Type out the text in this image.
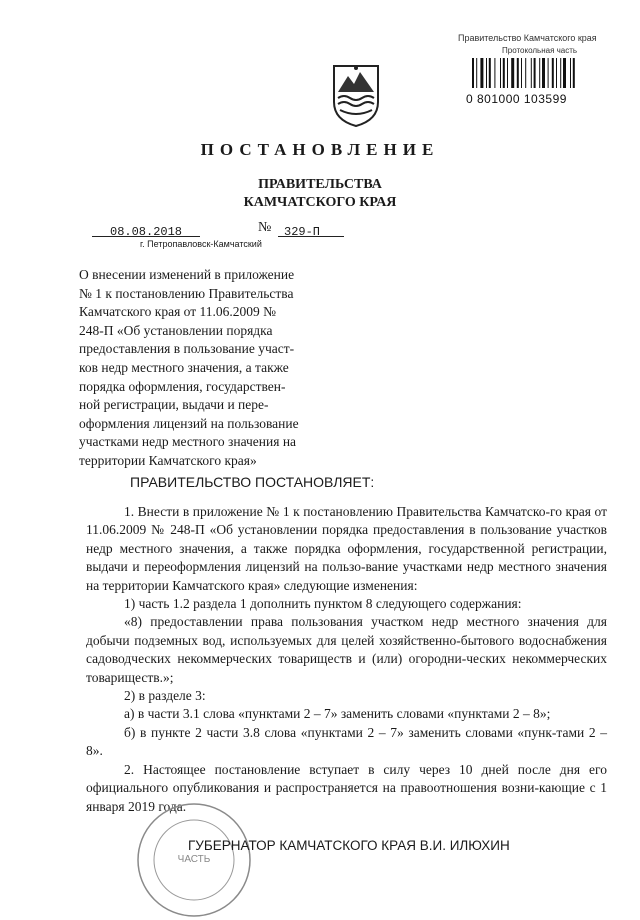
Правительство Камчатского края
Протокольная часть
0 801000 103599
ПОСТАНОВЛЕНИЕ
ПРАВИТЕЛЬСТВА
КАМЧАТСКОГО КРАЯ
08.08.2018	№	329-П
г. Петропавловск-Камчатский

О внесении изменений в приложение

№ 1 к постановлению Правительства

Камчатского края от 11.06.2009 №

248-П «Об установлении порядка

предоставления в пользование участ-

ков недр местного значения, а также

порядка оформления, государствен-

ной регистрации, выдачи и пере-

оформления лицензий на пользование

участками недр местного значения на

территории Камчатского края»

ПРАВИТЕЛЬСТВО ПОСТАНОВЛЯЕТ:

1. Внести в приложение № 1 к постановлению Правительства Камчатско-го края от 11.06.2009 № 248-П «Об установлении порядка предоставления в пользование участков недр местного значения, а также порядка оформления, государственной регистрации, выдачи и переоформления лицензий на пользо-вание участками недр местного значения на территории Камчатского края» следующие изменения:

1) часть 1.2 раздела 1 дополнить пунктом 8 следующего содержания:

«8) предоставлении права пользования участком недр местного значения для добычи подземных вод, используемых для целей хозяйственно-бытового водоснабжения садоводческих некоммерческих товариществ и (или) огородни-ческих некоммерческих товариществ.»;

2) в разделе 3:

а) в части 3.1 слова «пунктами 2 – 7» заменить словами «пунктами 2 – 8»;

б) в пункте 2 части 3.8 слова «пунктами 2 – 7» заменить словами «пунк-тами 2 – 8».

2. Настоящее постановление вступает в силу через 10 дней после дня его официального опубликования и распространяется на правоотношения возни-кающие с 1 января 2019 года.

ЧАСТЬ
ГУБЕРНАТОР КАМЧАТСКОГО КРАЯ В.И. ИЛЮХИН
